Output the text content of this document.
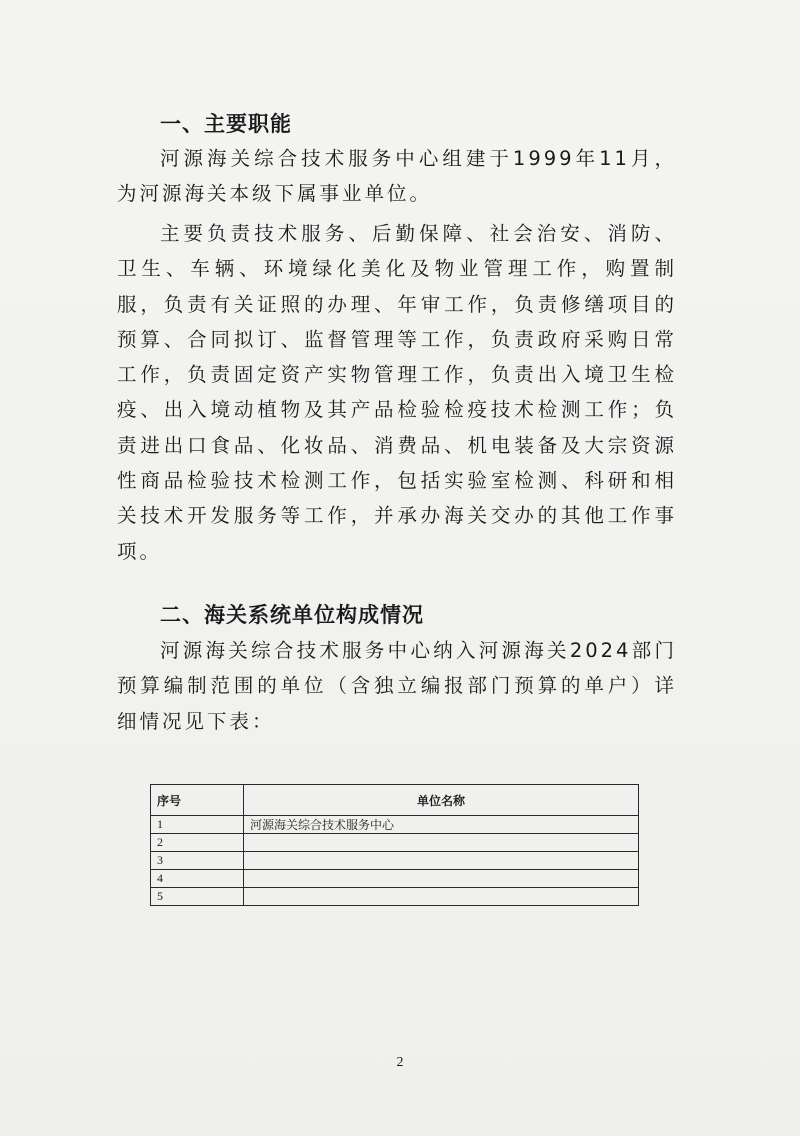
一、主要职能
河源海关综合技术服务中心组建于1999年11月，为河源海关本级下属事业单位。
主要负责技术服务、后勤保障、社会治安、消防、卫生、车辆、环境绿化美化及物业管理工作，购置制服，负责有关证照的办理、年审工作，负责修缮项目的预算、合同拟订、监督管理等工作，负责政府采购日常工作，负责固定资产实物管理工作，负责出入境卫生检疫、出入境动植物及其产品检验检疫技术检测工作；负责进出口食品、化妆品、消费品、机电装备及大宗资源性商品检验技术检测工作，包括实验室检测、科研和相关技术开发服务等工作，并承办海关交办的其他工作事项。
二、海关系统单位构成情况
河源海关综合技术服务中心纳入河源海关2024部门预算编制范围的单位（含独立编报部门预算的单户）详细情况见下表：
序号	单位名称
1	河源海关综合技术服务中心
2	
3	
4	
5	
2
